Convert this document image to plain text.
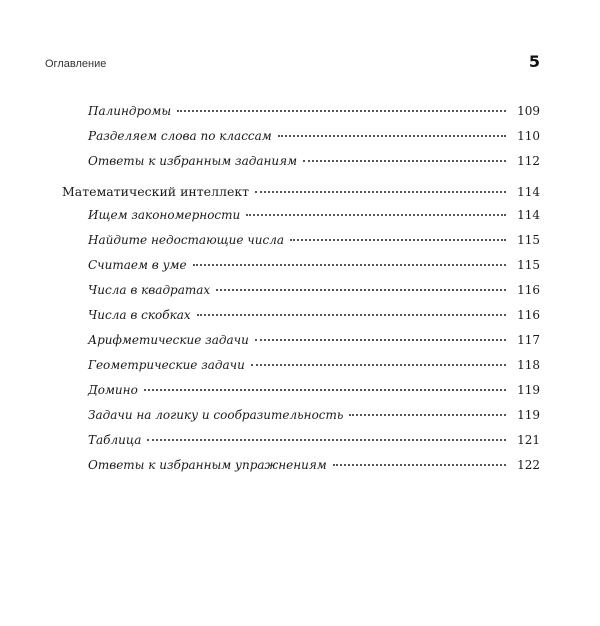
Оглавление	5
Палиндромы	109
Разделяем слова по классам	110
Ответы к избранным заданиям	112
Математический интеллект	114
Ищем закономерности	114
Найдите недостающие числа	115
Считаем в уме	115
Числа в квадратах	116
Числа в скобках	116
Арифметические задачи	117
Геометрические задачи	118
Домино	119
Задачи на логику и сообразительность	119
Таблица	121
Ответы к избранным упражнениям	122
